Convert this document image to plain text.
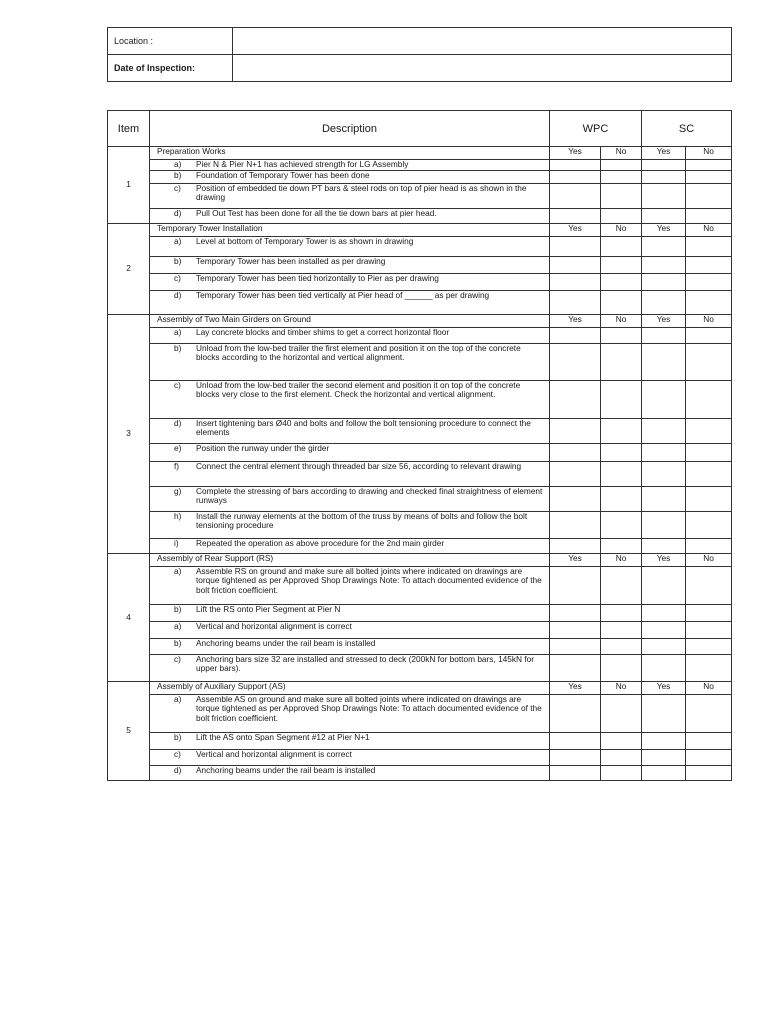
Location :	
Date of Inspection:	
Item	Description	WPC		SC	
1	Preparation Works	Yes	No	Yes	No

	a) Pier N & Pier N+1 has achieved strength for LG Assembly				

	b) Foundation of Temporary Tower has been done				

	c) Position of embedded tie down PT bars & steel rods on top of pier head is as shown in the drawing				

	d) Pull Out Test has been done for all the tie down bars at pier head.				

2	Temporary Tower Installation	Yes	No	Yes	No

	a) Level at bottom of Temporary Tower is as shown in drawing				

	b) Temporary Tower has been installed as per drawing				

	c) Temporary Tower has been tied horizontally to Pier as per drawing				

	d) Temporary Tower has been tied vertically at Pier head of ______ as per drawing				

3	Assembly of Two Main Girders on Ground	Yes	No	Yes	No

	a) Lay concrete blocks and timber shims to get a correct horizontal floor				

	b) Unload from the low-bed trailer the first element and position it on the top of the concrete blocks according to the horizontal and vertical alignment.				

	c) Unload from the low-bed trailer the second element and position it on top of the concrete blocks very close to the first element. Check the horizontal and vertical alignment.				

	d) Insert tightening bars Ø40 and bolts and follow the bolt tensioning procedure to connect the elements				

	e) Position the runway under the girder				

	f) Connect the central element through threaded bar size 56, according to relevant drawing				

	g) Complete the stressing of bars according to drawing and checked final straightness of element runways				

	h) Install the runway elements at the bottom of the truss by means of bolts and follow the bolt tensioning procedure				

	i) Repeated the operation as above procedure for the 2nd main girder				

4	Assembly of Rear Support (RS)	Yes	No	Yes	No

	a) Assemble RS on ground and make sure all bolted joints where indicated on drawings are torque tightened as per Approved Shop Drawings Note: To attach documented evidence of the bolt friction coefficient.				

	b) Lift the RS onto Pier Segment at Pier N				

	a) Vertical and horizontal alignment is correct				

	b) Anchoring beams under the rail beam is installed				

	c) Anchoring bars size 32 are installed and stressed to deck (200kN for bottom bars, 145kN for upper bars).				

5	Assembly of Auxiliary Support (AS)	Yes	No	Yes	No

	a) Assemble AS on ground and make sure all bolted joints where indicated on drawings are torque tightened as per Approved Shop Drawings Note: To attach documented evidence of the bolt friction coefficient.				

	b) Lift the AS onto Span Segment #12 at Pier N+1				

	c) Vertical and horizontal alignment is correct				

	d) Anchoring beams under the rail beam is installed				
